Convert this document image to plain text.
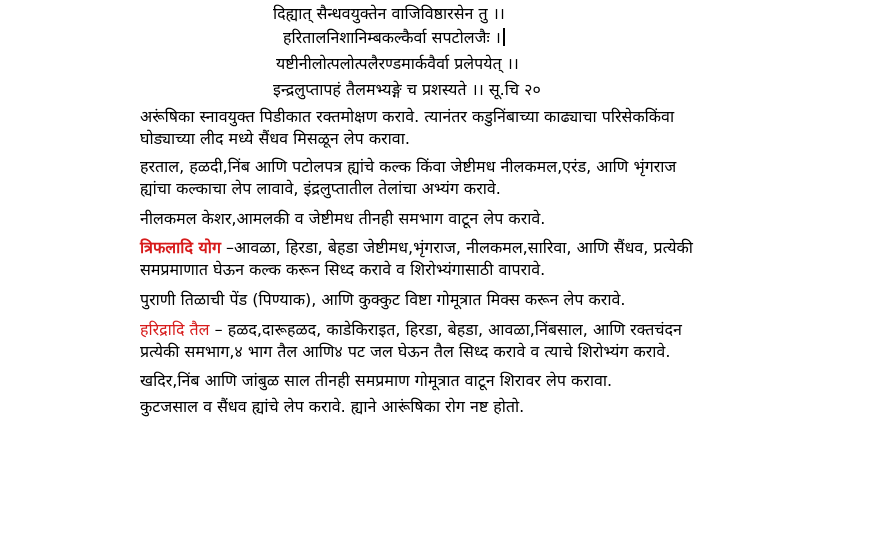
दिह्यात् सैन्धवयुक्तेन वाजिविष्ठारसेन तु ।।
हरितालनिशानिम्बकल्कैर्वा सपटोलजैः ।
यष्टीनीलोत्पलोत्पलैरण्डमार्कवैर्वा प्रलेपयेत् ।।
इन्द्रलुप्तापहं तैलमभ्यङ्गे च प्रशस्यते ।। सू.चि २०
अरूंषिका स्नावयुक्त पिडीकात रक्तमोक्षण करावे. त्यानंतर कडुनिंबाच्या काढ्याचा परिसेककिंवा
घोड्याच्या लीद मध्ये सैंधव मिसळून लेप करावा.
हरताल, हळदी,निंब आणि पटोलपत्र ह्यांचे कल्क किंवा जेष्टीमध नीलकमल,एरंड, आणि भृंगराज
ह्यांचा कल्काचा लेप लावावे, इंद्रलुप्तातील तेलांचा अभ्यंग करावे.
नीलकमल केशर,आमलकी व जेष्टीमध तीनही समभाग वाटून लेप करावे.
त्रिफलादि योग –आवळा, हिरडा, बेहडा जेष्टीमध,भृंगराज, नीलकमल,सारिवा, आणि सैंधव, प्रत्येकी
समप्रमाणात घेऊन कल्क करून सिध्द करावे व शिरोभ्यंगासाठी वापरावे.
पुराणी तिळाची पेंड (पिण्याक), आणि कुक्कुट विष्टा गोमूत्रात मिक्स करून लेप करावे.
हरिद्रादि तैल – हळद,दारूहळद, काडेकिराइत, हिरडा, बेहडा, आवळा,निंबसाल, आणि रक्तचंदन
प्रत्येकी समभाग,४ भाग तैल आणि४ पट जल घेऊन तैल सिध्द करावे व त्याचे शिरोभ्यंग करावे.
खदिर,निंब आणि जांबुळ साल तीनही समप्रमाण गोमूत्रात वाटून शिरावर लेप करावा.
कुटजसाल व सैंधव ह्यांचे लेप करावे. ह्याने आरूंषिका रोग नष्ट होतो.
